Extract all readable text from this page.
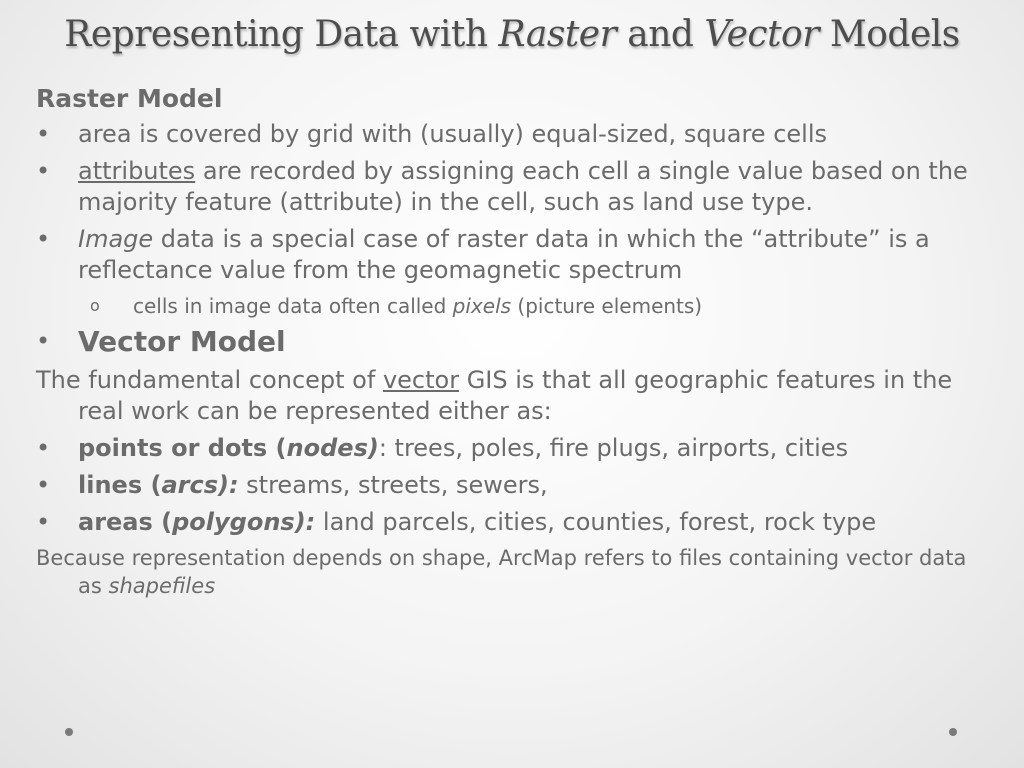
Representing Data with Raster and Vector Models
Raster Model
• area is covered by grid with (usually) equal-sized, square cells
• attributes are recorded by assigning each cell a single value based on the majority feature (attribute) in the cell, such as land use type.
• Image data is a special case of raster data in which the “attribute” is a reflectance value from the geomagnetic spectrum
o cells in image data often called pixels (picture elements)
• Vector Model
The fundamental concept of vector GIS is that all geographic features in the real work can be represented either as:
• points or dots (nodes): trees, poles, fire plugs, airports, cities
• lines (arcs): streams, streets, sewers,
• areas (polygons): land parcels, cities, counties, forest, rock type
Because representation depends on shape, ArcMap refers to files containing vector data as shapefiles
